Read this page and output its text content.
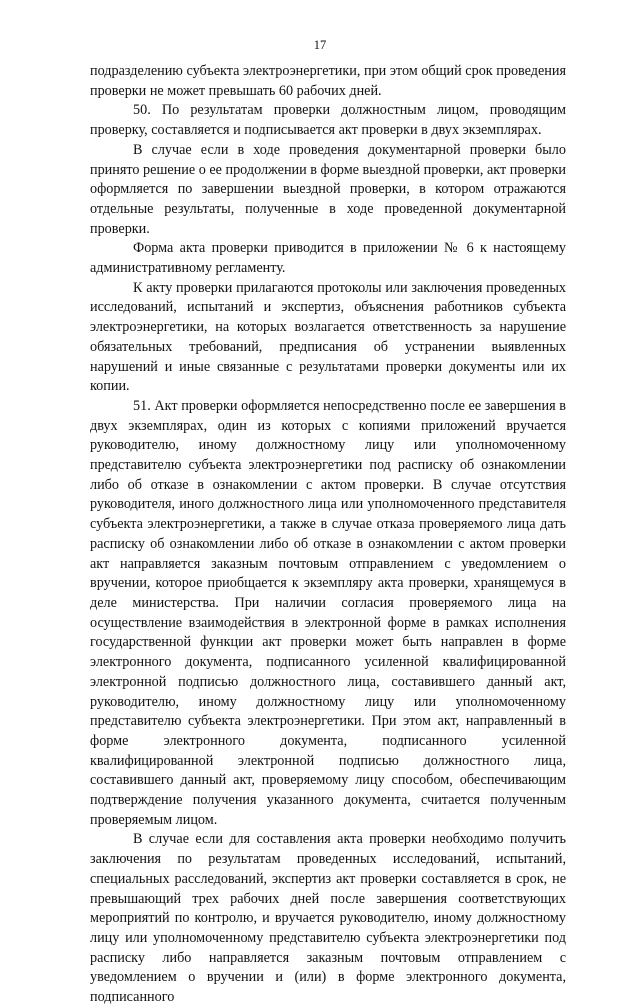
17

подразделению субъекта электроэнергетики, при этом общий срок проведения проверки не может превышать 60 рабочих дней.

50. По результатам проверки должностным лицом, проводящим проверку, составляется и подписывается акт проверки в двух экземплярах.

В случае если в ходе проведения документарной проверки было принято решение о ее продолжении в форме выездной проверки, акт проверки оформляется по завершении выездной проверки, в котором отражаются отдельные результаты, полученные в ходе проведенной документарной проверки.

Форма акта проверки приводится в приложении № 6 к настоящему административному регламенту.

К акту проверки прилагаются протоколы или заключения проведенных исследований, испытаний и экспертиз, объяснения работников субъекта электроэнергетики, на которых возлагается ответственность за нарушение обязательных требований, предписания об устранении выявленных нарушений и иные связанные с результатами проверки документы или их копии.

51. Акт проверки оформляется непосредственно после ее завершения в двух экземплярах, один из которых с копиями приложений вручается руководителю, иному должностному лицу или уполномоченному представителю субъекта электроэнергетики под расписку об ознакомлении либо об отказе в ознакомлении с актом проверки. В случае отсутствия руководителя, иного должностного лица или уполномоченного представителя субъекта электроэнергетики, а также в случае отказа проверяемого лица дать расписку об ознакомлении либо об отказе в ознакомлении с актом проверки акт направляется заказным почтовым отправлением с уведомлением о вручении, которое приобщается к экземпляру акта проверки, хранящемуся в деле министерства. При наличии согласия проверяемого лица на осуществление взаимодействия в электронной форме в рамках исполнения государственной функции акт проверки может быть направлен в форме электронного документа, подписанного усиленной квалифицированной электронной подписью должностного лица, составившего данный акт, руководителю, иному должностному лицу или уполномоченному представителю субъекта электроэнергетики. При этом акт, направленный в форме электронного документа, подписанного усиленной квалифицированной электронной подписью должностного лица, составившего данный акт, проверяемому лицу способом, обеспечивающим подтверждение получения указанного документа, считается полученным проверяемым лицом.

В случае если для составления акта проверки необходимо получить заключения по результатам проведенных исследований, испытаний, специальных расследований, экспертиз акт проверки составляется в срок, не превышающий трех рабочих дней после завершения соответствующих мероприятий по контролю, и вручается руководителю, иному должностному лицу или уполномоченному представителю субъекта электроэнергетики под расписку либо направляется заказным почтовым отправлением с уведомлением о вручении и (или) в форме электронного документа, подписанного
